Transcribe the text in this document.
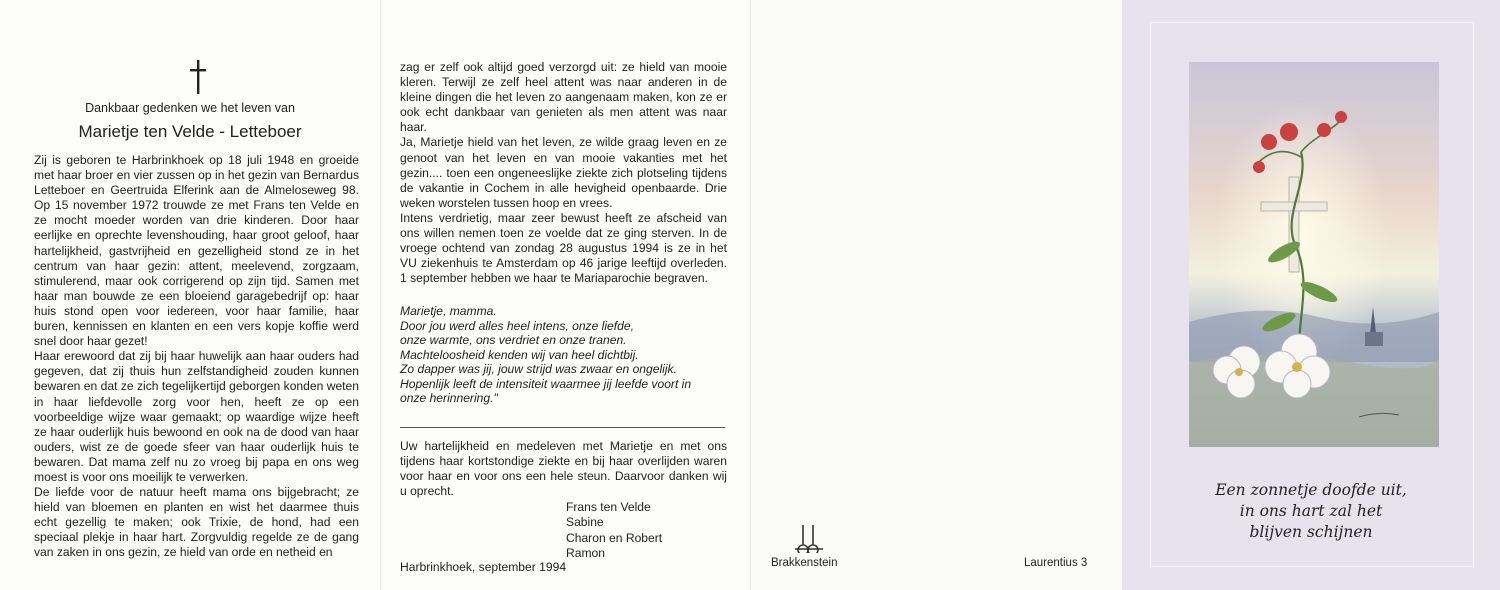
Dankbaar gedenken we het leven van
Marietje ten Velde - Letteboer

Zij is geboren te Harbrinkhoek op 18 juli 1948 en groeide met haar broer en vier zussen op in het gezin van Bernardus Letteboer en Geertruida Elferink aan de Almeloseweg 98. Op 15 november 1972 trouwde ze met Frans ten Velde en ze mocht moeder worden van drie kinderen. Door haar eerlijke en oprechte levenshouding, haar groot geloof, haar hartelijkheid, gastvrijheid en gezelligheid stond ze in het centrum van haar gezin: attent, meelevend, zorgzaam, stimulerend, maar ook corrigerend op zijn tijd. Samen met haar man bouwde ze een bloeiend garagebedrijf op: haar huis stond open voor iedereen, voor haar familie, haar buren, kennissen en klanten en een vers kopje koffie werd snel door haar gezet!

Haar erewoord dat zij bij haar huwelijk aan haar ouders had gegeven, dat zij thuis hun zelfstandigheid zouden kunnen bewaren en dat ze zich tegelijkertijd geborgen konden weten in haar liefdevolle zorg voor hen, heeft ze op een voorbeeldige wijze waar gemaakt; op waardige wijze heeft ze haar ouderlijk huis bewoond en ook na de dood van haar ouders, wist ze de goede sfeer van haar ouderlijk huis te bewaren. Dat mama zelf nu zo vroeg bij papa en ons weg moest is voor ons moeilijk te verwerken.

De liefde voor de natuur heeft mama ons bijgebracht; ze hield van bloemen en planten en wist het daarmee thuis echt gezellig te maken; ook Trixie, de hond, had een speciaal plekje in haar hart. Zorgvuldig regelde ze de gang van zaken in ons gezin, ze hield van orde en netheid en

zag er zelf ook altijd goed verzorgd uit: ze hield van mooie kleren. Terwijl ze zelf heel attent was naar anderen in de kleine dingen die het leven zo aangenaam maken, kon ze er ook echt dankbaar van genieten als men attent was naar haar.

Ja, Marietje hield van het leven, ze wilde graag leven en ze genoot van het leven en van mooie vakanties met het gezin.... toen een ongeneeslijke ziekte zich plotseling tijdens de vakantie in Cochem in alle hevigheid openbaarde. Drie weken worstelen tussen hoop en vrees.

Intens verdrietig, maar zeer bewust heeft ze afscheid van ons willen nemen toen ze voelde dat ze ging sterven. In de vroege ochtend van zondag 28 augustus 1994 is ze in het VU ziekenhuis te Amsterdam op 46 jarige leeftijd overleden. 1 september hebben we haar te Mariaparochie begraven.

Marietje, mamma.
Door jou werd alles heel intens, onze liefde,
onze warmte, ons verdriet en onze tranen.
Machteloosheid kenden wij van heel dichtbij.
Zo dapper was jij, jouw strijd was zwaar en ongelijk.
Hopenlijk leeft de intensiteit waarmee jij leefde voort in
onze herinnering."

Uw hartelijkheid en medeleven met Marietje en met ons tijdens haar kortstondige ziekte en bij haar overlijden waren voor haar en voor ons een hele steun. Daarvoor danken wij u oprecht.

Frans ten Velde
Sabine
Charon en Robert
Ramon
Harbrinkhoek, september 1994	Brakkenstein	Laurentius 3
Een zonnetje doofde uit,
in ons hart zal het
blijven schijnen
